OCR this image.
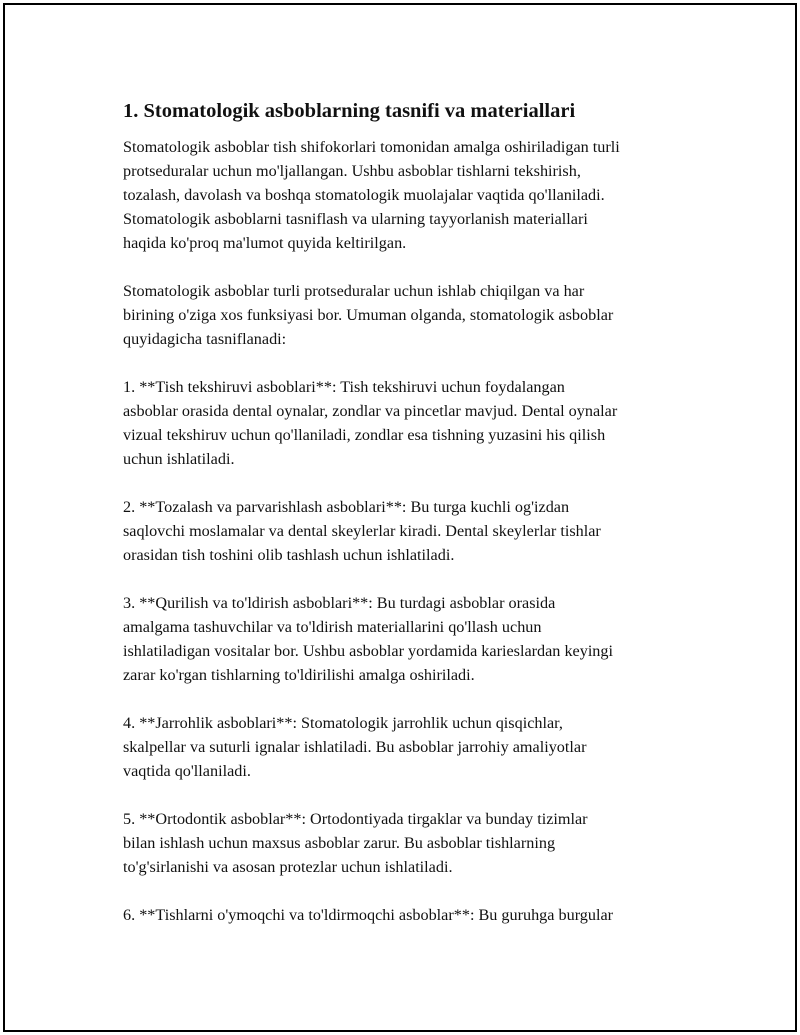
1. Stomatologik asboblarning tasnifi va materiallari

Stomatologik asboblar tish shifokorlari tomonidan amalga oshiriladigan turli
protseduralar uchun mo'ljallangan. Ushbu asboblar tishlarni tekshirish,
tozalash, davolash va boshqa stomatologik muolajalar vaqtida qo'llaniladi.
Stomatologik asboblarni tasniflash va ularning tayyorlanish materiallari
haqida ko'proq ma'lumot quyida keltirilgan.

Stomatologik asboblar turli protseduralar uchun ishlab chiqilgan va har
birining o'ziga xos funksiyasi bor. Umuman olganda, stomatologik asboblar
quyidagicha tasniflanadi:

1. **Tish tekshiruvi asboblari**: Tish tekshiruvi uchun foydalangan
asboblar orasida dental oynalar, zondlar va pincetlar mavjud. Dental oynalar
vizual tekshiruv uchun qo'llaniladi, zondlar esa tishning yuzasini his qilish
uchun ishlatiladi.

2. **Tozalash va parvarishlash asboblari**: Bu turga kuchli og'izdan
saqlovchi moslamalar va dental skeylerlar kiradi. Dental skeylerlar tishlar
orasidan tish toshini olib tashlash uchun ishlatiladi.

3. **Qurilish va to'ldirish asboblari**: Bu turdagi asboblar orasida
amalgama tashuvchilar va to'ldirish materiallarini qo'llash uchun
ishlatiladigan vositalar bor. Ushbu asboblar yordamida karieslardan keyingi
zarar ko'rgan tishlarning to'ldirilishi amalga oshiriladi.

4. **Jarrohlik asboblari**: Stomatologik jarrohlik uchun qisqichlar,
skalpellar va suturli ignalar ishlatiladi. Bu asboblar jarrohiy amaliyotlar
vaqtida qo'llaniladi.

5. **Ortodontik asboblar**: Ortodontiyada tirgaklar va bunday tizimlar
bilan ishlash uchun maxsus asboblar zarur. Bu asboblar tishlarning
to'g'sirlanishi va asosan protezlar uchun ishlatiladi.

6. **Tishlarni o'ymoqchi va to'ldirmoqchi asboblar**: Bu guruhga burgular
